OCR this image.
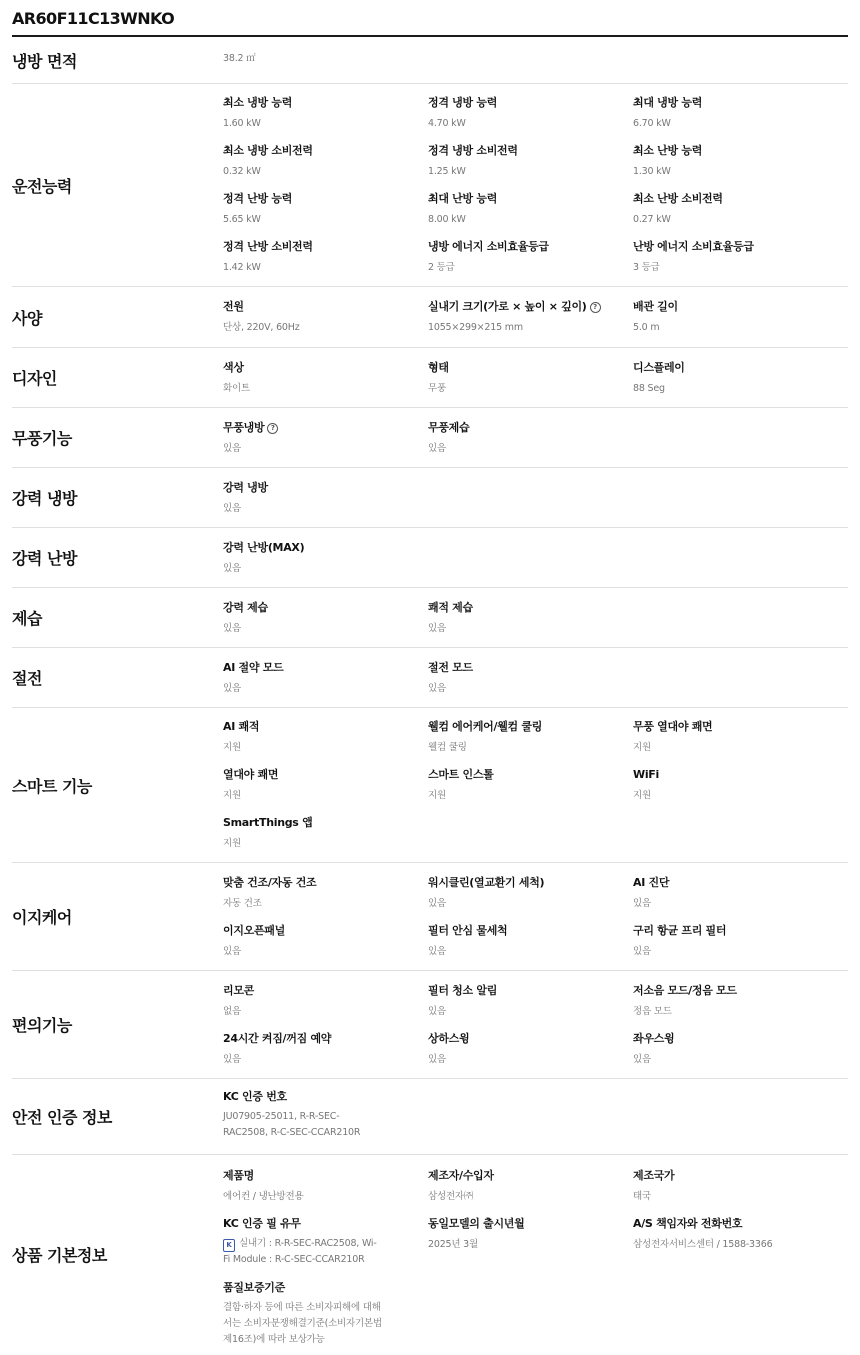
AR60F11C13WNKO
냉방 면적	38.2 ㎡
운전능력
최소 냉방 능력
1.60 kW
정격 냉방 능력
4.70 kW
최대 냉방 능력
6.70 kW
최소 냉방 소비전력
0.32 kW
정격 냉방 소비전력
1.25 kW
최소 난방 능력
1.30 kW
정격 난방 능력
5.65 kW
최대 난방 능력
8.00 kW
최소 난방 소비전력
0.27 kW
정격 난방 소비전력
1.42 kW
냉방 에너지 소비효율등급
2 등급
난방 에너지 소비효율등급
3 등급
사양
전원
단상, 220V, 60Hz
실내기 크기(가로 × 높이 × 깊이) ?
1055×299×215 mm
배관 길이
5.0 m
디자인
색상
화이트
형태
무풍
디스플레이
88 Seg
무풍기능
무풍냉방 ?
있음
무풍제습
있음
강력 냉방
강력 냉방
있음
강력 난방
강력 난방(MAX)
있음
제습
강력 제습
있음
쾌적 제습
있음
절전
AI 절약 모드
있음
절전 모드
있음
스마트 기능
AI 쾌적
지원
웰컴 에어케어/웰컴 쿨링
웰컴 쿨링
무풍 열대야 쾌면
지원
열대야 쾌면
지원
스마트 인스톨
지원
WiFi
지원
SmartThings 앱
지원
이지케어
맞춤 건조/자동 건조
자동 건조
워시클린(열교환기 세척)
있음
AI 진단
있음
이지오픈패널
있음
필터 안심 물세척
있음
구리 항균 프리 필터
있음
편의기능
리모콘
없음
필터 청소 알림
있음
저소음 모드/정음 모드
정음 모드
24시간 켜짐/꺼짐 예약
있음
상하스윙
있음
좌우스윙
있음
안전 인증 정보
KC 인증 번호
JU07905-25011, R-R-SEC-RAC2508, R-C-SEC-CCAR210R
상품 기본정보
제품명
에어컨 / 냉난방전용
제조자/수입자
삼성전자㈜
제조국가
태국
KC 인증 필 유무
K 실내기 : R-R-SEC-RAC2508, Wi-Fi Module : R-C-SEC-CCAR210R
동일모델의 출시년월
2025년 3월
A/S 책임자와 전화번호
삼성전자서비스센터 / 1588-3366
품질보증기준
결함·하자 등에 따른 소비자피해에 대해서는 소비자분쟁해결기준(소비자기본법 제16조)에 따라 보상가능
